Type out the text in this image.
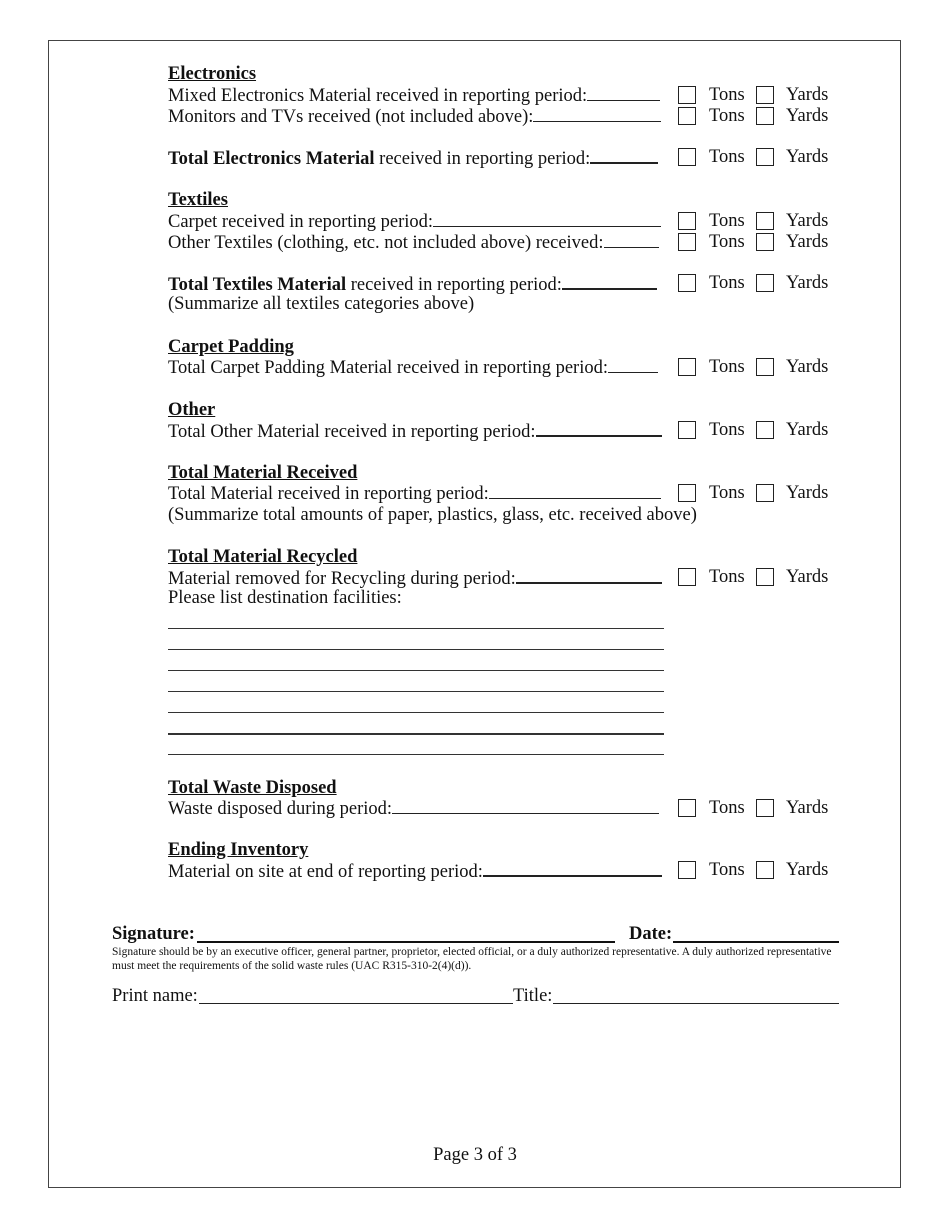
Electronics
Mixed Electronics Material received in reporting period:
Monitors and TVs received (not included above):
Total Electronics Material received in reporting period:
Textiles
Carpet received in reporting period:
Other Textiles (clothing, etc. not included above) received:
Total Textiles Material received in reporting period:
(Summarize all textiles categories above)
Carpet Padding
Total Carpet Padding Material received in reporting period:
Other
Total Other Material received in reporting period:
Total Material Received
Total Material received in reporting period:
(Summarize total amounts of paper, plastics, glass, etc. received above)
Total Material Recycled
Material removed for Recycling during period:
Please list destination facilities:
Total Waste Disposed
Waste disposed during period:
Ending Inventory
Material on site at end of reporting period:
Tons Yards
Tons Yards
Tons Yards
Tons Yards
Tons Yards
Tons Yards
Tons Yards
Tons Yards
Tons Yards
Tons Yards
Tons Yards
Tons Yards
Signature:	Date:
Signature should be by an executive officer, general partner, proprietor, elected official, or a duly authorized representative. A duly authorized representative must meet the requirements of the solid waste rules (UAC R315-310-2(4)(d)).
Print name:	Title:
Page 3 of 3
